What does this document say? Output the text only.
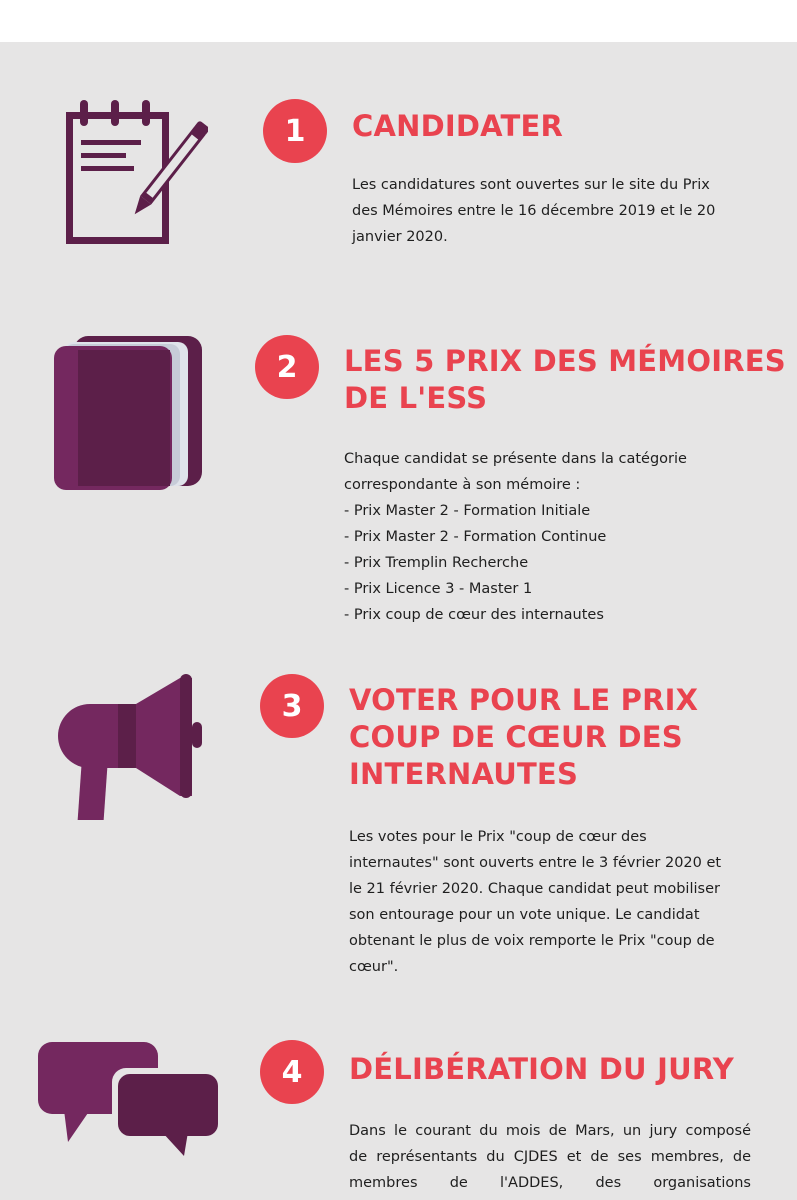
1	CANDIDATER

Les candidatures sont ouvertes sur le site du Prix
des Mémoires entre le 16 décembre 2019 et le 20
janvier 2020.

2	LES 5 PRIX DES MÉMOIRES
DE L'ESS

Chaque candidat se présente dans la catégorie
correspondante à son mémoire :
- Prix Master 2 - Formation Initiale
- Prix Master 2 - Formation Continue
- Prix Tremplin Recherche
- Prix Licence 3 - Master 1
- Prix coup de cœur des internautes

3	VOTER POUR LE PRIX
COUP DE CŒUR DES
INTERNAUTES

Les votes pour le Prix "coup de cœur des
internautes" sont ouverts entre le 3 février 2020 et
le 21 février 2020. Chaque candidat peut mobiliser
son entourage pour un vote unique. Le candidat
obtenant le plus de voix remporte le Prix "coup de
cœur".

4	DÉLIBÉRATION DU JURY

Dans le courant du mois de Mars, un jury composé
de représentants du CJDES et de ses membres, de
membres de l'ADDES, des organisations
